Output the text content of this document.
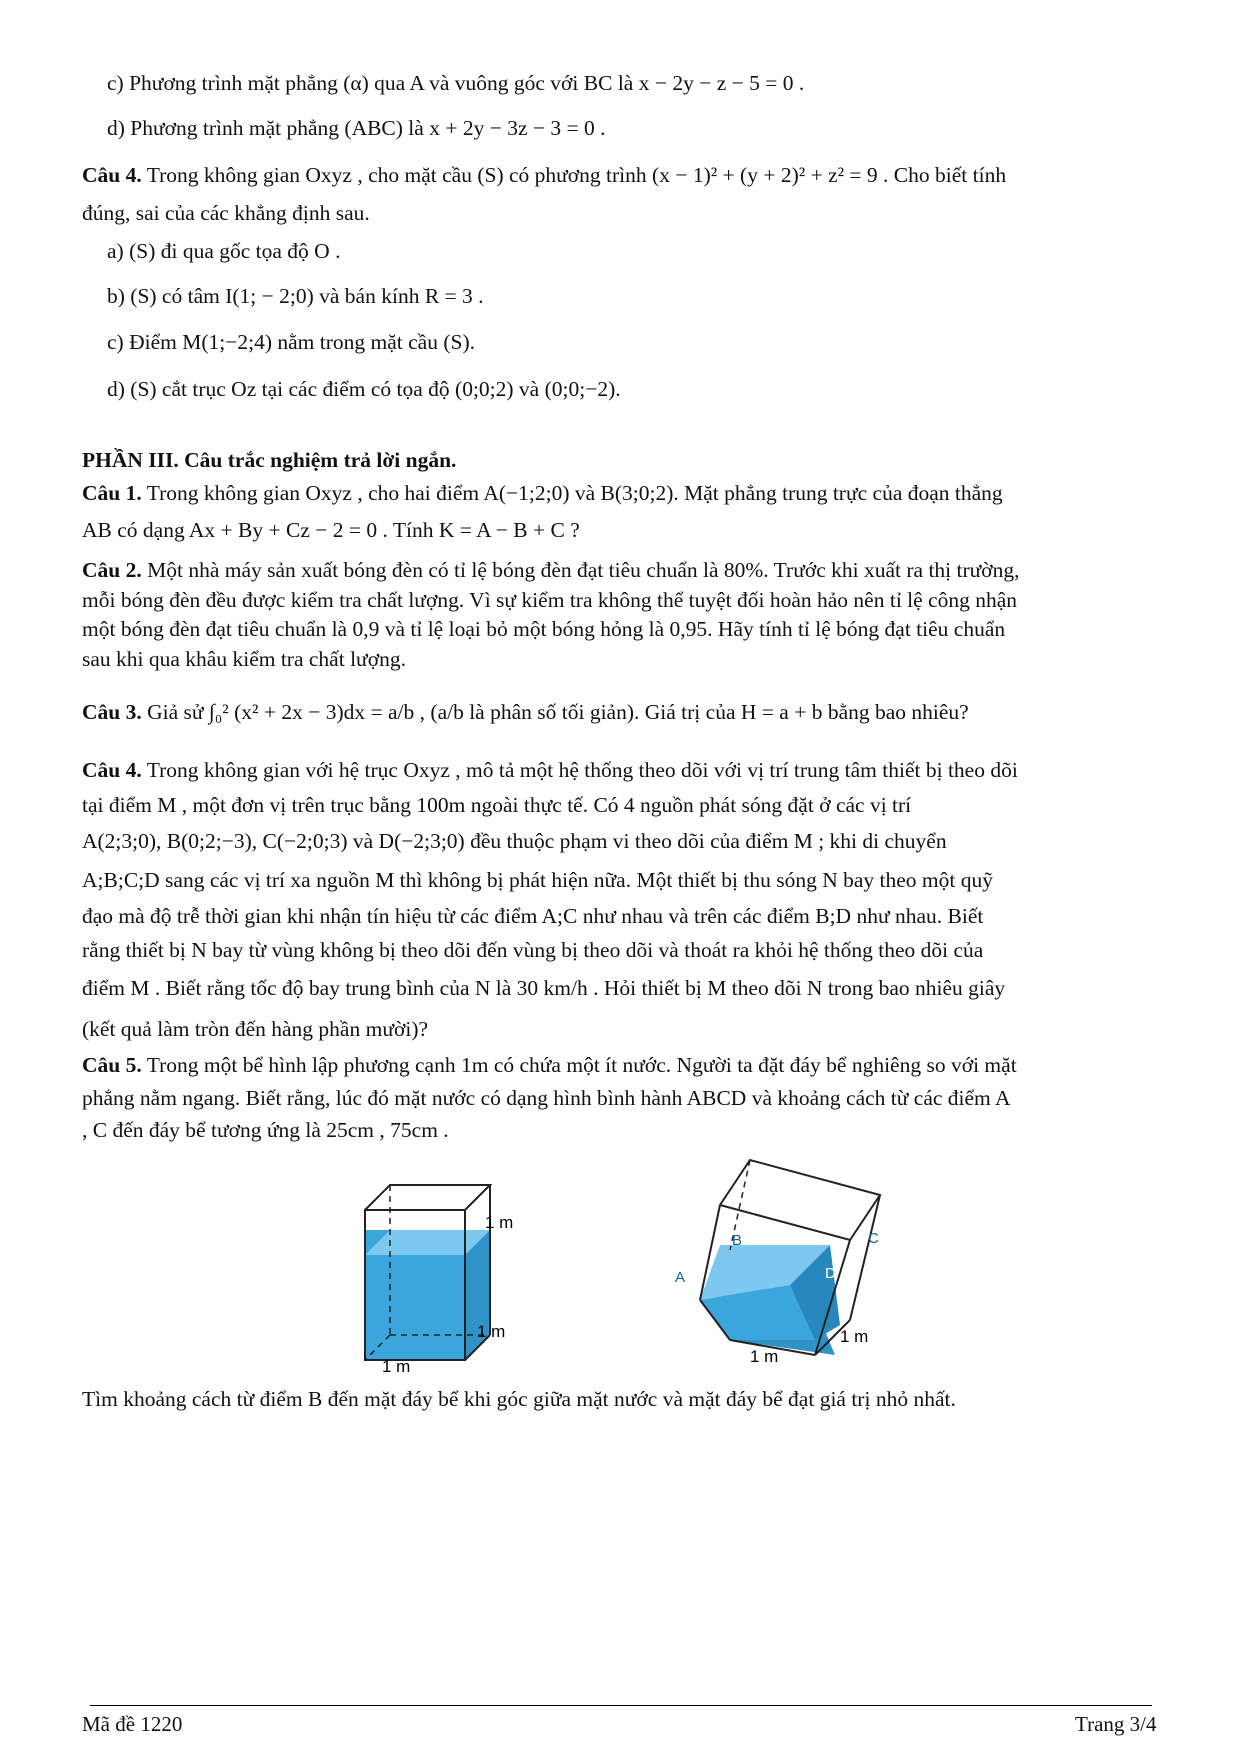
c) Phương trình mặt phẳng (α) qua A và vuông góc với BC là x − 2y − z − 5 = 0 .
d) Phương trình mặt phẳng (ABC) là x + 2y − 3z − 3 = 0 .
Câu 4. Trong không gian Oxyz , cho mặt cầu (S) có phương trình (x − 1)² + (y + 2)² + z² = 9 . Cho biết tính
đúng, sai của các khẳng định sau.
a) (S) đi qua gốc tọa độ O .
b) (S) có tâm I(1; − 2;0) và bán kính R = 3 .
c) Điểm M(1;−2;4) nằm trong mặt cầu (S).
d) (S) cắt trục Oz tại các điểm có tọa độ (0;0;2) và (0;0;−2).
PHẦN III. Câu trắc nghiệm trả lời ngắn.
Câu 1. Trong không gian Oxyz , cho hai điểm A(−1;2;0) và B(3;0;2). Mặt phẳng trung trực của đoạn thẳng
AB có dạng Ax + By + Cz − 2 = 0 . Tính K = A − B + C ?
Câu 2. Một nhà máy sản xuất bóng đèn có tỉ lệ bóng đèn đạt tiêu chuẩn là 80%. Trước khi xuất ra thị trường,
mỗi bóng đèn đều được kiểm tra chất lượng. Vì sự kiểm tra không thể tuyệt đối hoàn hảo nên tỉ lệ công nhận
một bóng đèn đạt tiêu chuẩn là 0,9 và tỉ lệ loại bỏ một bóng hỏng là 0,95. Hãy tính tỉ lệ bóng đạt tiêu chuẩn
sau khi qua khâu kiểm tra chất lượng.
Câu 3. Giả sử ∫₀² (x² + 2x − 3)dx = a/b , (a/b là phân số tối giản). Giá trị của H = a + b bằng bao nhiêu?
Câu 4. Trong không gian với hệ trục Oxyz , mô tả một hệ thống theo dõi với vị trí trung tâm thiết bị theo dõi
tại điểm M , một đơn vị trên trục bằng 100m ngoài thực tế. Có 4 nguồn phát sóng đặt ở các vị trí
A(2;3;0), B(0;2;−3), C(−2;0;3) và D(−2;3;0) đều thuộc phạm vi theo dõi của điểm M ; khi di chuyển
A;B;C;D sang các vị trí xa nguồn M thì không bị phát hiện nữa. Một thiết bị thu sóng N bay theo một quỹ
đạo mà độ trễ thời gian khi nhận tín hiệu từ các điểm A;C như nhau và trên các điểm B;D như nhau. Biết
rằng thiết bị N bay từ vùng không bị theo dõi đến vùng bị theo dõi và thoát ra khỏi hệ thống theo dõi của
điểm M . Biết rằng tốc độ bay trung bình của N là 30 km/h . Hỏi thiết bị M theo dõi N trong bao nhiêu giây
(kết quả làm tròn đến hàng phần mười)?
Câu 5. Trong một bể hình lập phương cạnh 1m có chứa một ít nước. Người ta đặt đáy bể nghiêng so với mặt
phẳng nằm ngang. Biết rằng, lúc đó mặt nước có dạng hình bình hành ABCD và khoảng cách từ các điểm A
, C đến đáy bể tương ứng là 25cm , 75cm .
1 m
1 m
1 m
B	C
A	D
1 m
1 m
Tìm khoảng cách từ điểm B đến mặt đáy bể khi góc giữa mặt nước và mặt đáy bể đạt giá trị nhỏ nhất.
Mã đề 1220	Trang 3/4
